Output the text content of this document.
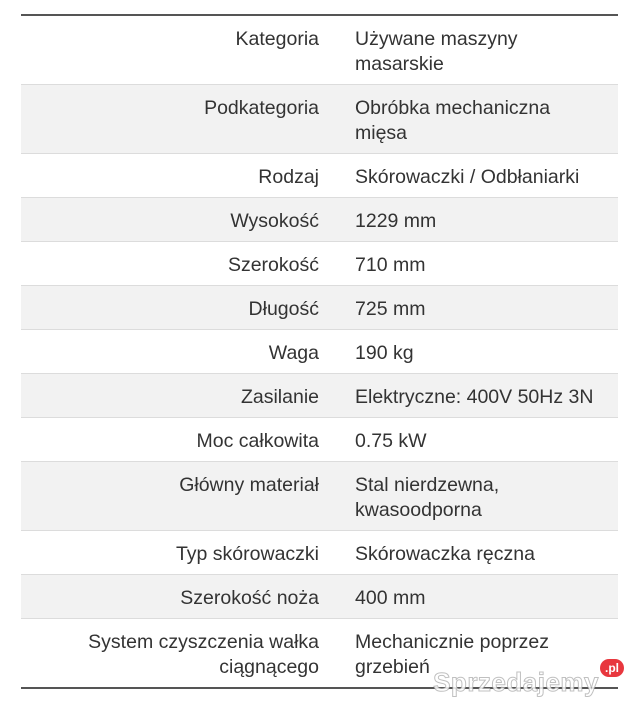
Kategoria	Używane maszyny masarskie
Podkategoria	Obróbka mechaniczna mięsa
Rodzaj	Skórowaczki / Odbłaniarki
Wysokość	1229 mm
Szerokość	710 mm
Długość	725 mm
Waga	190 kg
Zasilanie	Elektryczne: 400V 50Hz 3N
Moc całkowita	0.75 kW
Główny materiał	Stal nierdzewna, kwasoodporna
Typ skórowaczki	Skórowaczka ręczna
Szerokość noża	400 mm
System czyszczenia wałka ciągnącego	Mechanicznie poprzez grzebień Sprzedajemy .pl
